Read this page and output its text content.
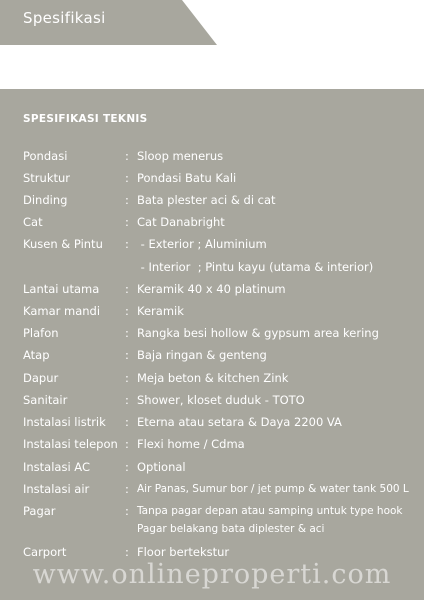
Spesifikasi
SPESIFIKASI TEKNIS
Pondasi	: Sloop menerus
Struktur	: Pondasi Batu Kali
Dinding	: Bata plester aci & di cat
Cat	: Cat Danabright
Kusen & Pintu : - Exterior ; Aluminium
- Interior  ; Pintu kayu (utama & interior)
Lantai utama : Keramik 40 x 40 platinum
Kamar mandi : Keramik
Plafon	: Rangka besi hollow & gypsum area kering
Atap	: Baja ringan & genteng
Dapur	: Meja beton & kitchen Zink
Sanitair	: Shower, kloset duduk - TOTO
Instalasi listrik : Eterna atau setara & Daya 2200 VA
Instalasi telepon : Flexi home / Cdma
Instalasi AC	: Optional
Instalasi air	: Air Panas, Sumur bor / jet pump & water tank 500 L
Pagar	: Tanpa pagar depan atau samping untuk type hook
Pagar belakang bata diplester & aci
Carport	: Floor bertekstur
www.onlineproperti.com
